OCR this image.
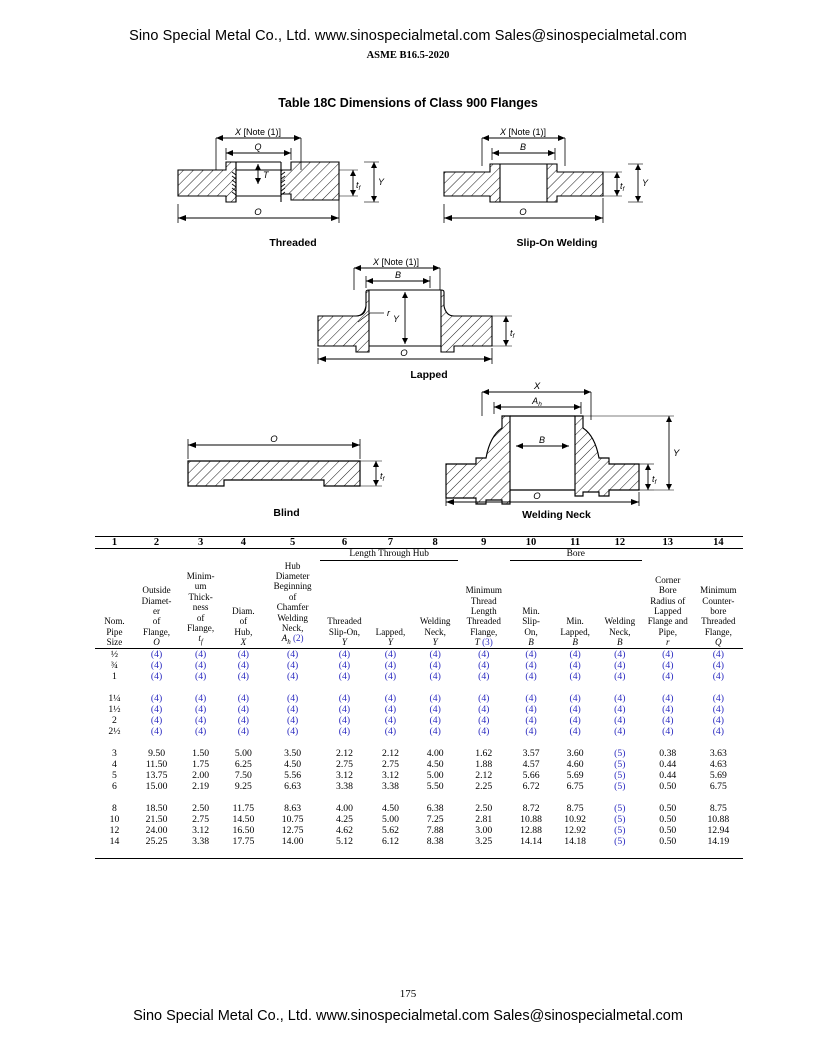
Sino Special Metal Co., Ltd. www.sinospecialmetal.com Sales@sinospecialmetal.com
ASME B16.5-2020
Table 18C Dimensions of Class 900 Flanges
X [Note (1)]
Q
T
$t_f$
Y
O
Threaded
X [Note (1)]
B
$t_f$
Y
O
Slip-On Welding
X [Note (1)]
B
Y
r
$t_f$
O
Lapped
O
$t_f$
Blind
X
$A_h$
B
$t_f$
Y
O
Welding Neck

1	2	3	4	5	6	7	8	9	10	11	12	13	14

					Length Through Hub				Bore				
Nom.
Pipe
Size	Outside
Diamet-
er
of
Flange,
O	Minim-
um
Thick-
ness
of
Flange,
$t_f$	Diam.
of
Hub,
X	Hub
Diameter
Beginning
of
Chamfer
Welding
Neck,
$A_h$ (2)	Threaded
Slip-On,
Y	Lapped,
Y	Welding
Neck,
Y	Minimum
Thread
Length
Threaded
Flange,
T (3)	Min.
Slip-
On,
B	Min.
Lapped,
B	Welding
Neck,
B	Corner
Bore
Radius of
Lapped
Flange and
Pipe,
r	Minimum
Counter-
bore
Threaded
Flange,
Q

½	(4)	(4)	(4)	(4)	(4)	(4)	(4)	(4)	(4)	(4)	(4)	(4)	(4)
¾	(4)	(4)	(4)	(4)	(4)	(4)	(4)	(4)	(4)	(4)	(4)	(4)	(4)
1	(4)	(4)	(4)	(4)	(4)	(4)	(4)	(4)	(4)	(4)	(4)	(4)	(4)

1¼	(4)	(4)	(4)	(4)	(4)	(4)	(4)	(4)	(4)	(4)	(4)	(4)	(4)
1½	(4)	(4)	(4)	(4)	(4)	(4)	(4)	(4)	(4)	(4)	(4)	(4)	(4)
2	(4)	(4)	(4)	(4)	(4)	(4)	(4)	(4)	(4)	(4)	(4)	(4)	(4)
2½	(4)	(4)	(4)	(4)	(4)	(4)	(4)	(4)	(4)	(4)	(4)	(4)	(4)

3	9.50	1.50	5.00	3.50	2.12	2.12	4.00	1.62	3.57	3.60	(5)	0.38	3.63
4	11.50	1.75	6.25	4.50	2.75	2.75	4.50	1.88	4.57	4.60	(5)	0.44	4.63
5	13.75	2.00	7.50	5.56	3.12	3.12	5.00	2.12	5.66	5.69	(5)	0.44	5.69
6	15.00	2.19	9.25	6.63	3.38	3.38	5.50	2.25	6.72	6.75	(5)	0.50	6.75

8	18.50	2.50	11.75	8.63	4.00	4.50	6.38	2.50	8.72	8.75	(5)	0.50	8.75
10	21.50	2.75	14.50	10.75	4.25	5.00	7.25	2.81	10.88	10.92	(5)	0.50	10.88
12	24.00	3.12	16.50	12.75	4.62	5.62	7.88	3.00	12.88	12.92	(5)	0.50	12.94
14	25.25	3.38	17.75	14.00	5.12	6.12	8.38	3.25	14.14	14.18	(5)	0.50	14.19

175
Sino Special Metal Co., Ltd. www.sinospecialmetal.com Sales@sinospecialmetal.com
